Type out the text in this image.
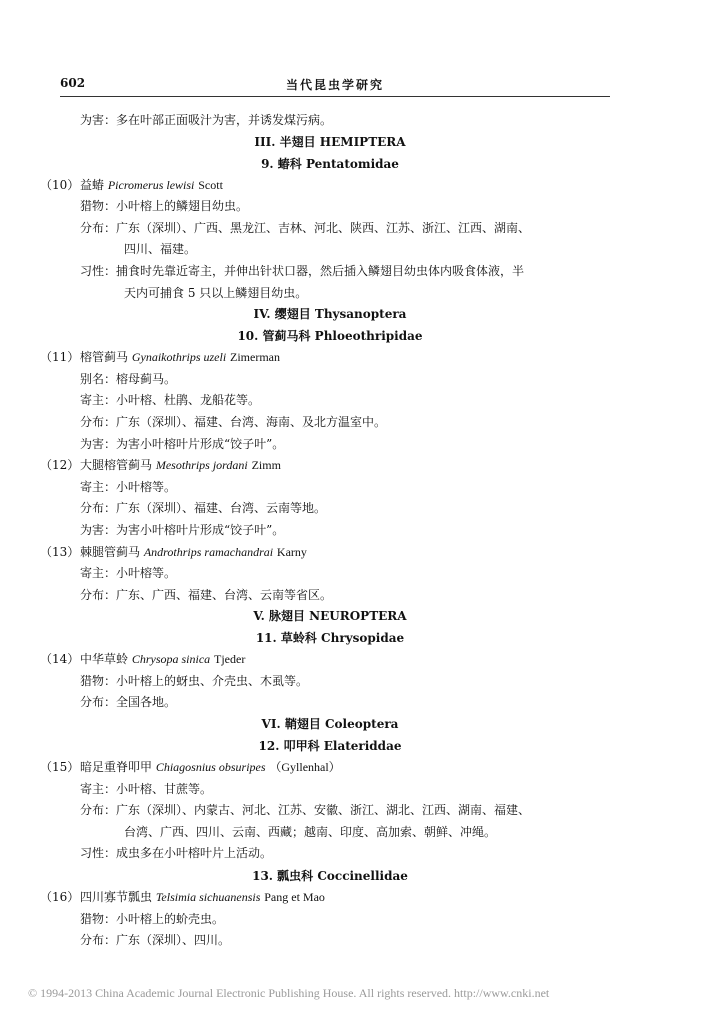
602	当代昆虫学研究
为害：多在叶部正面吸汁为害，并诱发煤污病。
III. 半翅目 HEMIPTERA
9. 蝽科 Pentatomidae
（10）益蝽 Picromerus lewisi Scott
猎物：小叶榕上的鳞翅目幼虫。
分布：广东（深圳）、广西、黑龙江、吉林、河北、陕西、江苏、浙江、江西、湖南、
四川、福建。
习性：捕食时先靠近寄主，并伸出针状口器，然后插入鳞翅目幼虫体内吸食体液，半
天内可捕食 5 只以上鳞翅目幼虫。
IV. 缨翅目 Thysanoptera
10. 管蓟马科 Phloeothripidae
（11）榕管蓟马 Gynaikothrips uzeli Zimerman
别名：榕母蓟马。
寄主：小叶榕、杜鹃、龙船花等。
分布：广东（深圳）、福建、台湾、海南、及北方温室中。
为害：为害小叶榕叶片形成“饺子叶”。
（12）大腿榕管蓟马 Mesothrips jordani Zimm
寄主：小叶榕等。
分布：广东（深圳）、福建、台湾、云南等地。
为害：为害小叶榕叶片形成“饺子叶”。
（13）棘腿管蓟马 Androthrips ramachandrai Karny
寄主：小叶榕等。
分布：广东、广西、福建、台湾、云南等省区。
V. 脉翅目 NEUROPTERA
11. 草蛉科 Chrysopidae
（14）中华草蛉 Chrysopa sinica Tjeder
猎物：小叶榕上的蚜虫、介壳虫、木虱等。
分布：全国各地。
VI. 鞘翅目 Coleoptera
12. 叩甲科 Elateriddae
（15）暗足重脊叩甲 Chiagosnius obsuripes （Gyllenhal）
寄主：小叶榕、甘蔗等。
分布：广东（深圳）、内蒙古、河北、江苏、安徽、浙江、湖北、江西、湖南、福建、
台湾、广西、四川、云南、西藏；越南、印度、高加索、朝鲜、冲绳。
习性：成虫多在小叶榕叶片上活动。
13. 瓢虫科 Coccinellidae
（16）四川寡节瓢虫 Telsimia sichuanensis Pang et Mao
猎物：小叶榕上的蚧壳虫。
分布：广东（深圳）、四川。
© 1994-2013 China Academic Journal Electronic Publishing House. All rights reserved. http://www.cnki.net
